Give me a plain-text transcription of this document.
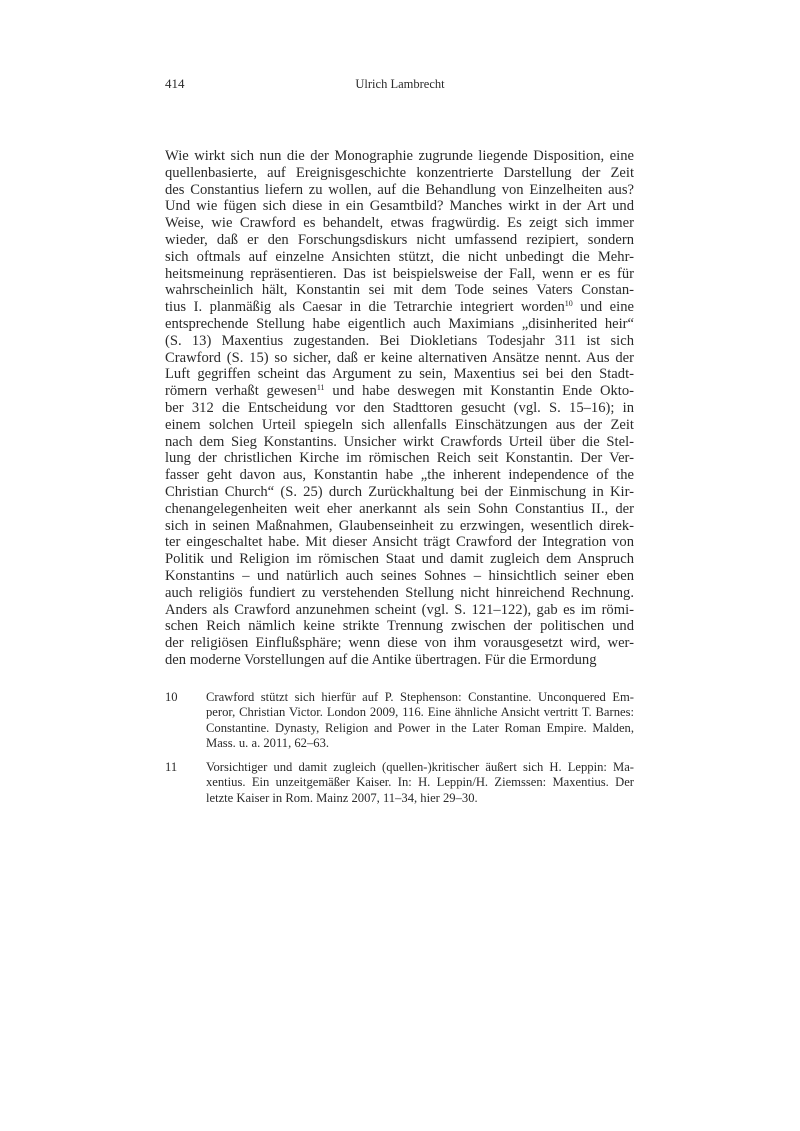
414	Ulrich Lambrecht
Wie wirkt sich nun die der Monographie zugrunde liegende Disposition, eine
quellenbasierte, auf Ereignisgeschichte konzentrierte Darstellung der Zeit
des Constantius liefern zu wollen, auf die Behandlung von Einzelheiten aus?
Und wie fügen sich diese in ein Gesamtbild? Manches wirkt in der Art und
Weise, wie Crawford es behandelt, etwas fragwürdig. Es zeigt sich immer
wieder, daß er den Forschungsdiskurs nicht umfassend rezipiert, sondern
sich oftmals auf einzelne Ansichten stützt, die nicht unbedingt die Mehr-
heitsmeinung repräsentieren. Das ist beispielsweise der Fall, wenn er es für
wahrscheinlich hält, Konstantin sei mit dem Tode seines Vaters Constan-
tius I. planmäßig als Caesar in die Tetrarchie integriert worden$^{10}$ und eine
entsprechende Stellung habe eigentlich auch Maximians „disinherited heir“
(S. 13) Maxentius zugestanden. Bei Diokletians Todesjahr 311 ist sich
Crawford (S. 15) so sicher, daß er keine alternativen Ansätze nennt. Aus der
Luft gegriffen scheint das Argument zu sein, Maxentius sei bei den Stadt-
römern verhaßt gewesen$^{11}$ und habe deswegen mit Konstantin Ende Okto-
ber 312 die Entscheidung vor den Stadttoren gesucht (vgl. S. 15–16); in
einem solchen Urteil spiegeln sich allenfalls Einschätzungen aus der Zeit
nach dem Sieg Konstantins. Unsicher wirkt Crawfords Urteil über die Stel-
lung der christlichen Kirche im römischen Reich seit Konstantin. Der Ver-
fasser geht davon aus, Konstantin habe „the inherent independence of the
Christian Church“ (S. 25) durch Zurückhaltung bei der Einmischung in Kir-
chenangelegenheiten weit eher anerkannt als sein Sohn Constantius II., der
sich in seinen Maßnahmen, Glaubenseinheit zu erzwingen, wesentlich direk-
ter eingeschaltet habe. Mit dieser Ansicht trägt Crawford der Integration von
Politik und Religion im römischen Staat und damit zugleich dem Anspruch
Konstantins – und natürlich auch seines Sohnes – hinsichtlich seiner eben
auch religiös fundiert zu verstehenden Stellung nicht hinreichend Rechnung.
Anders als Crawford anzunehmen scheint (vgl. S. 121–122), gab es im römi-
schen Reich nämlich keine strikte Trennung zwischen der politischen und
der religiösen Einflußsphäre; wenn diese von ihm vorausgesetzt wird, wer-
den moderne Vorstellungen auf die Antike übertragen. Für die Ermordung
10 Crawford stützt sich hierfür auf P. Stephenson: Constantine. Unconquered Em-
peror, Christian Victor. London 2009, 116. Eine ähnliche Ansicht vertritt T. Barnes:
Constantine. Dynasty, Religion and Power in the Later Roman Empire. Malden,
Mass. u. a. 2011, 62–63.
11 Vorsichtiger und damit zugleich (quellen-)kritischer äußert sich H. Leppin: Ma-
xentius. Ein unzeitgemäßer Kaiser. In: H. Leppin/H. Ziemssen: Maxentius. Der
letzte Kaiser in Rom. Mainz 2007, 11–34, hier 29–30.
